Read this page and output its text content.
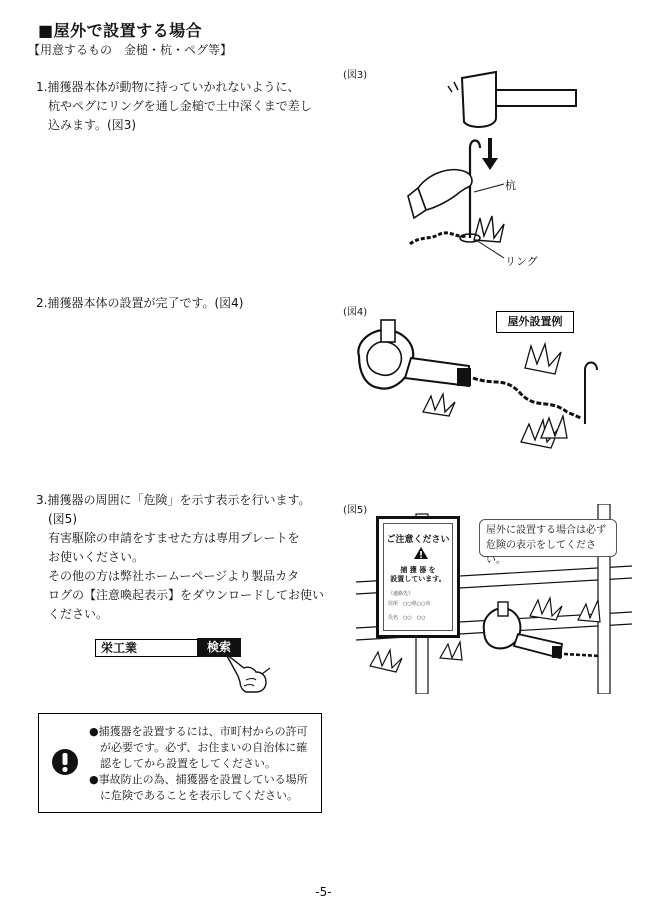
■屋外で設置する場合
【用意するもの　金槌・杭・ペグ等】

1.捕獲器本体が動物に持っていかれないように、

　杭やペグにリングを通し金槌で土中深くまで差し

　込みます。(図3)

2.捕獲器本体の設置が完了です。(図4)

3.捕獲器の周囲に「危険」を示す表示を行います。

　(図5)

　有害駆除の申請をすませた方は専用プレートを

　お使いください。

　その他の方は弊社ホームーページより製品カタ

　ログの【注意喚起表示】をダウンロードしてお使い

　ください。

栄工業	検索
(図3)
杭
リング
(図4)
屋外設置例
(図5)
ご注意ください
捕 獲 器 を
設置しています。
《連絡先》
住所　○○県○○市
氏名　○○　○○
屋外に設置する場合は必ず
危険の表示をしてください。
●捕獲器を設置するには、市町村からの許可が必要です。必ず、お住まいの自治体に確認をしてから設置をしてください。
●事故防止の為、捕獲器を設置している場所に危険であることを表示してください。
-5-
